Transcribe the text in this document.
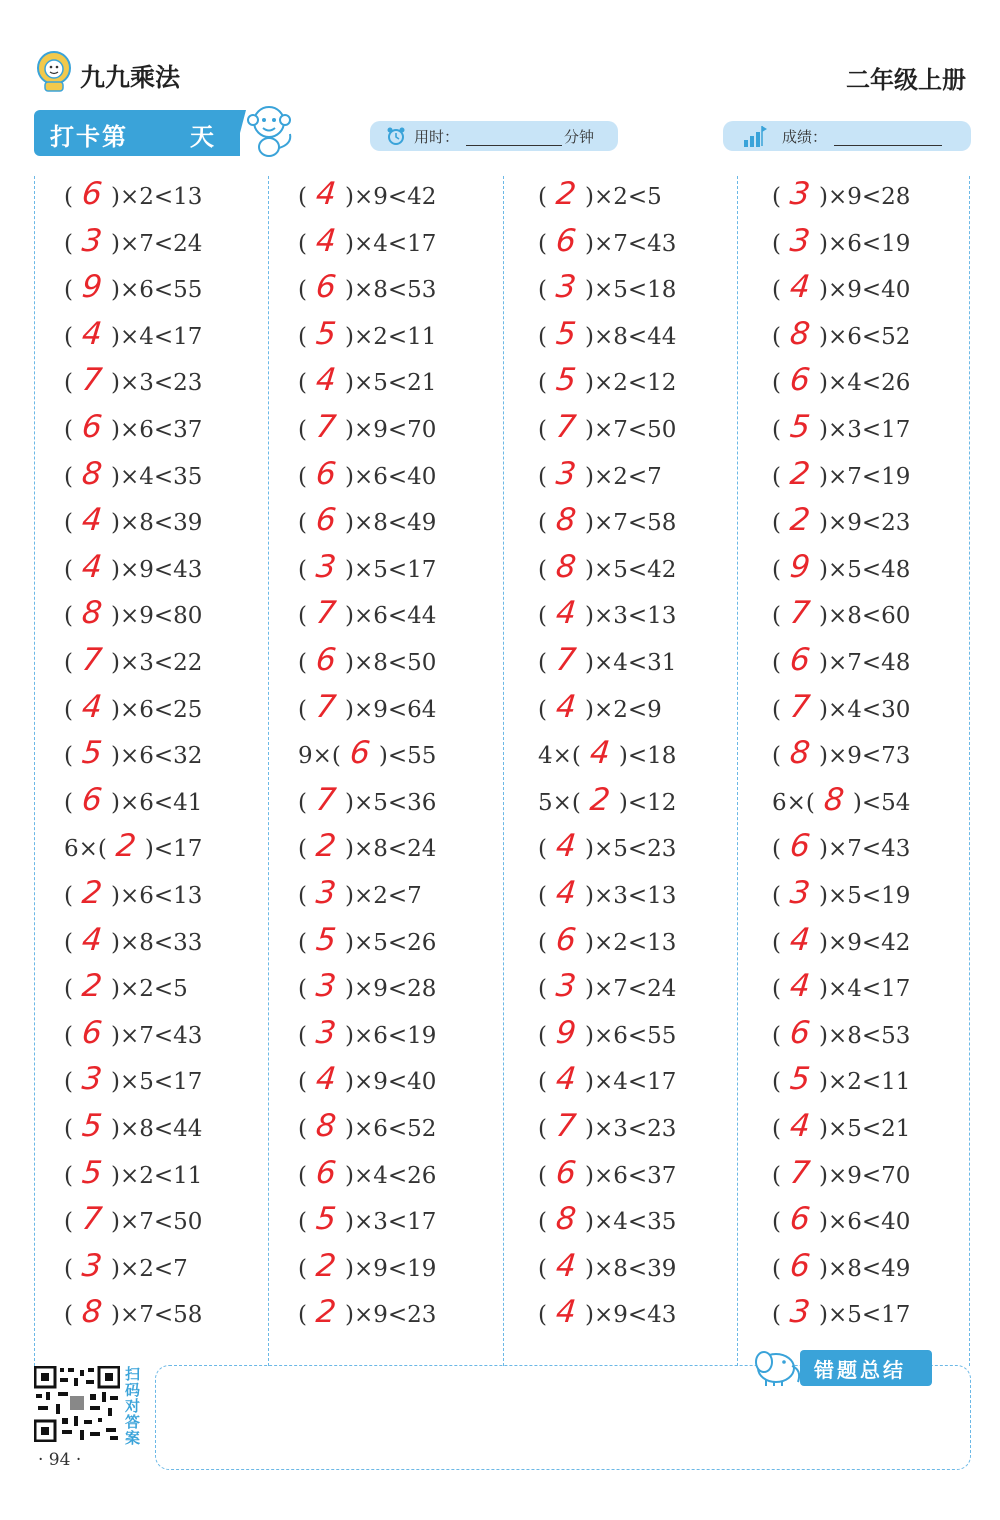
九九乘法	二年级上册
打卡第	天	用时：	分钟	成绩：
( 6 )×2<13
( 3 )×7<24
( 9 )×6<55
( 4 )×4<17
( 7 )×3<23
( 6 )×6<37
( 8 )×4<35
( 4 )×8<39
( 4 )×9<43
( 8 )×9<80
( 7 )×3<22
( 4 )×6<25
( 5 )×6<32
( 6 )×6<41
6×( 2 )<17
( 2 )×6<13
( 4 )×8<33
( 2 )×2<5
( 6 )×7<43
( 3 )×5<17
( 5 )×8<44
( 5 )×2<11
( 7 )×7<50
( 3 )×2<7
( 8 )×7<58
( 4 )×9<42
( 4 )×4<17
( 6 )×8<53
( 5 )×2<11
( 4 )×5<21
( 7 )×9<70
( 6 )×6<40
( 6 )×8<49
( 3 )×5<17
( 7 )×6<44
( 6 )×8<50
( 7 )×9<64
9×( 6 )<55
( 7 )×5<36
( 2 )×8<24
( 3 )×2<7
( 5 )×5<26
( 3 )×9<28
( 3 )×6<19
( 4 )×9<40
( 8 )×6<52
( 6 )×4<26
( 5 )×3<17
( 2 )×9<19
( 2 )×9<23
( 2 )×2<5
( 6 )×7<43
( 3 )×5<18
( 5 )×8<44
( 5 )×2<12
( 7 )×7<50
( 3 )×2<7
( 8 )×7<58
( 8 )×5<42
( 4 )×3<13
( 7 )×4<31
( 4 )×2<9
4×( 4 )<18
5×( 2 )<12
( 4 )×5<23
( 4 )×3<13
( 6 )×2<13
( 3 )×7<24
( 9 )×6<55
( 4 )×4<17
( 7 )×3<23
( 6 )×6<37
( 8 )×4<35
( 4 )×8<39
( 4 )×9<43
( 3 )×9<28
( 3 )×6<19
( 4 )×9<40
( 8 )×6<52
( 6 )×4<26
( 5 )×3<17
( 2 )×7<19
( 2 )×9<23
( 9 )×5<48
( 7 )×8<60
( 6 )×7<48
( 7 )×4<30
( 8 )×9<73
6×( 8 )<54
( 6 )×7<43
( 3 )×5<19
( 4 )×9<42
( 4 )×4<17
( 6 )×8<53
( 5 )×2<11
( 4 )×5<21
( 7 )×9<70
( 6 )×6<40
( 6 )×8<49
( 3 )×5<17
错题总结
扫码对答案
· 94 ·
